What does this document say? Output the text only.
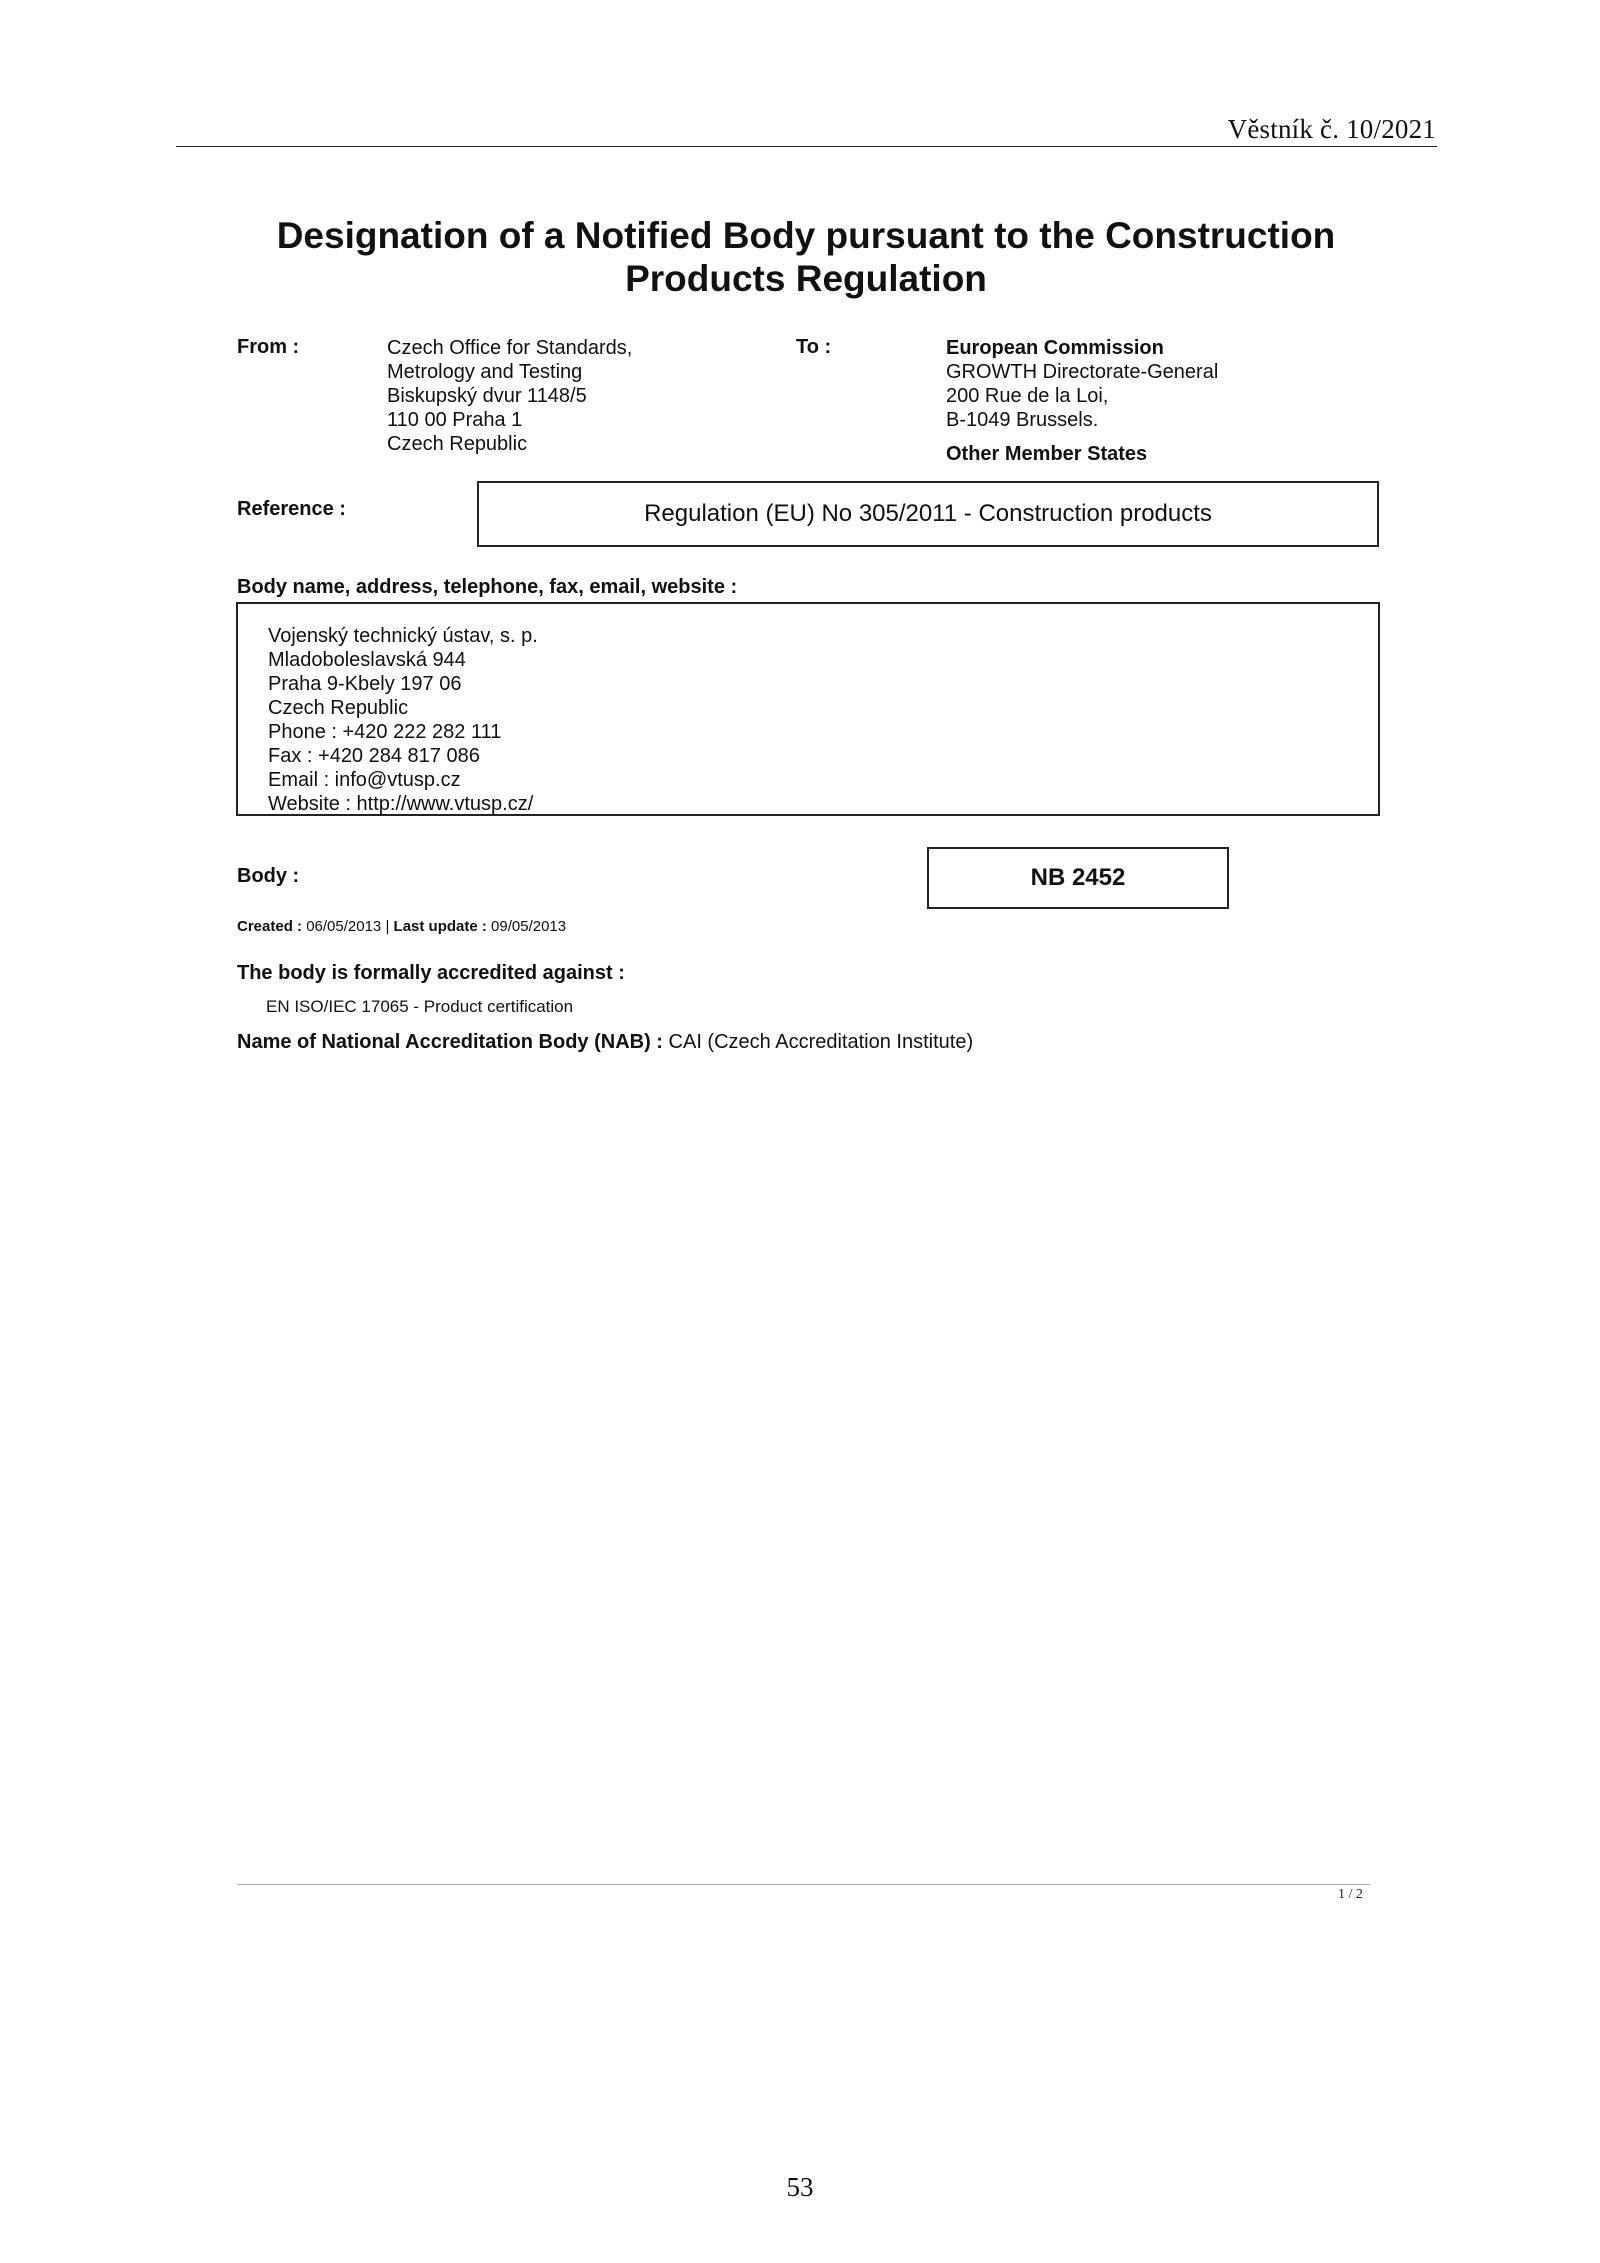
Věstník č. 10/2021
Designation of a Notified Body pursuant to the Construction
Products Regulation
From :	Czech Office for Standards,
Metrology and Testing
Biskupský dvur 1148/5
110 00 Praha 1
Czech Republic
To :	European Commission
GROWTH Directorate-General
200 Rue de la Loi,
B-1049 Brussels.
Other Member States
Reference :	Regulation (EU) No 305/2011 - Construction products
Body name, address, telephone, fax, email, website :
Vojenský technický ústav, s. p.
Mladoboleslavská 944
Praha 9-Kbely 197 06
Czech Republic
Phone : +420 222 282 111
Fax : +420 284 817 086
Email : info@vtusp.cz
Website : http://www.vtusp.cz/
Body :	NB 2452
Created : 06/05/2013 | Last update : 09/05/2013
The body is formally accredited against :
EN ISO/IEC 17065 - Product certification
Name of National Accreditation Body (NAB) : CAI (Czech Accreditation Institute)
1 / 2
53
